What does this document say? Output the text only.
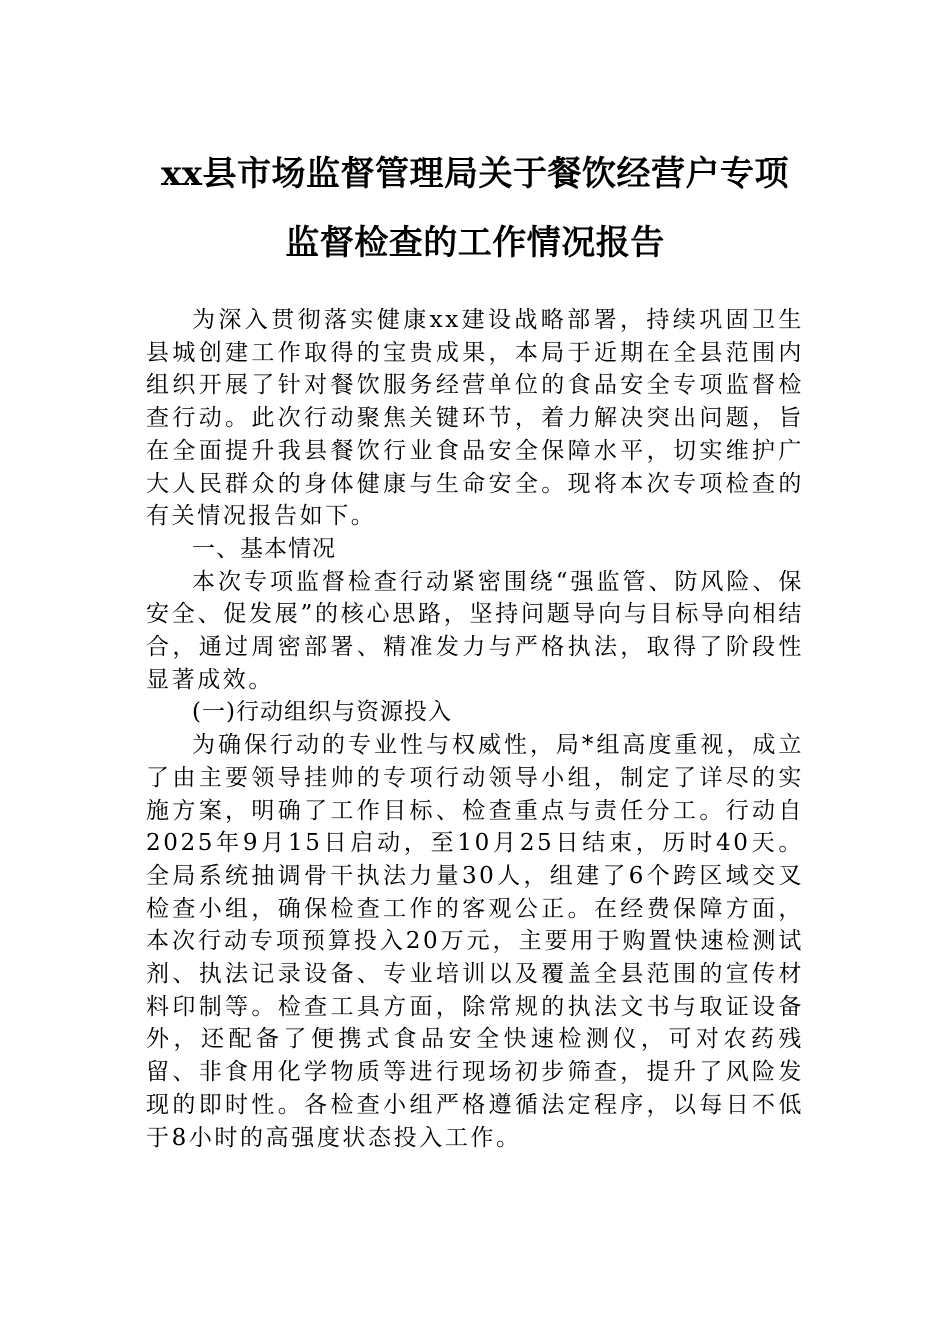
xx县市场监督管理局关于餐饮经营户专项
监督检查的工作情况报告

为深入贯彻落实健康xx建设战略部署，持续巩固卫生县城创建工作取得的宝贵成果，本局于近期在全县范围内组织开展了针对餐饮服务经营单位的食品安全专项监督检查行动。此次行动聚焦关键环节，着力解决突出问题，旨在全面提升我县餐饮行业食品安全保障水平，切实维护广大人民群众的身体健康与生命安全。现将本次专项检查的有关情况报告如下。

一、基本情况

本次专项监督检查行动紧密围绕“强监管、防风险、保安全、促发展”的核心思路，坚持问题导向与目标导向相结合，通过周密部署、精准发力与严格执法，取得了阶段性显著成效。

(一)行动组织与资源投入

为确保行动的专业性与权威性，局*组高度重视，成立了由主要领导挂帅的专项行动领导小组，制定了详尽的实施方案，明确了工作目标、检查重点与责任分工。行动自2025年9月15日启动，至10月25日结束，历时40天。全局系统抽调骨干执法力量30人，组建了6个跨区域交叉检查小组，确保检查工作的客观公正。在经费保障方面，本次行动专项预算投入20万元，主要用于购置快速检测试剂、执法记录设备、专业培训以及覆盖全县范围的宣传材料印制等。检查工具方面，除常规的执法文书与取证设备外，还配备了便携式食品安全快速检测仪，可对农药残留、非食用化学物质等进行现场初步筛查，提升了风险发现的即时性。各检查小组严格遵循法定程序，以每日不低于8小时的高强度状态投入工作。
